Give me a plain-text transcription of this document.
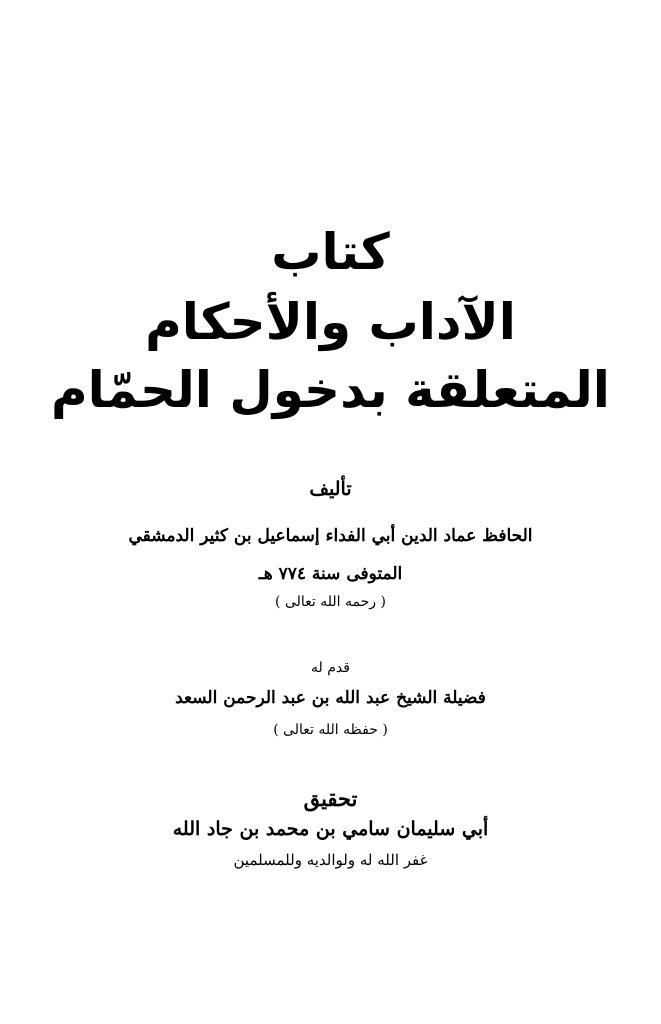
كتاب
الآداب والأحكام
المتعلقة بدخول الحمّام
تأليف
الحافظ عماد الدين أبي الفداء إسماعيل بن كثير الدمشقي
المتوفى سنة ٧٧٤ هـ
( رحمه الله تعالى )
قدم له
فضيلة الشيخ عبد الله بن عبد الرحمن السعد
( حفظه الله تعالى )
تحقيق
أبي سليمان سامي بن محمد بن جاد الله
غفر الله له ولوالديه وللمسلمين
